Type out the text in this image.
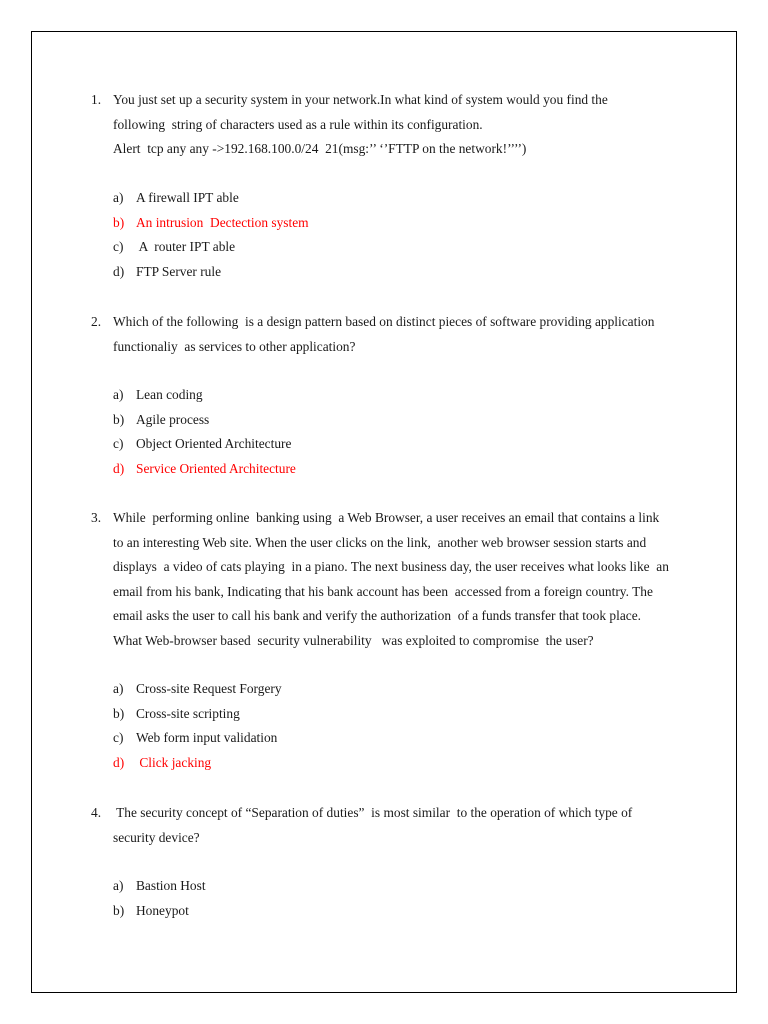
1. You just set up a security system in your network.In what kind of system would you find the
following  string of characters used as a rule within its configuration.
Alert  tcp any any ->192.168.100.0/24  21(msg:’’ ‘’FTTP on the network!’’’’)
a) A firewall IPT able
b) An intrusion  Dectection system
c) A  router IPT able
d) FTP Server rule
2. Which of the following  is a design pattern based on distinct pieces of software providing application
functionaliy  as services to other application?
a) Lean coding
b) Agile process
c) Object Oriented Architecture
d) Service Oriented Architecture
3. While  performing online  banking using  a Web Browser, a user receives an email that contains a link
to an interesting Web site. When the user clicks on the link,  another web browser session starts and
displays  a video of cats playing  in a piano. The next business day, the user receives what looks like  an
email from his bank, Indicating that his bank account has been  accessed from a foreign country. The
email asks the user to call his bank and verify the authorization  of a funds transfer that took place.
What Web-browser based  security vulnerability   was exploited to compromise  the user?
a) Cross-site Request Forgery
b) Cross-site scripting
c) Web form input validation
d) Click jacking
4. The security concept of “Separation of duties”  is most similar  to the operation of which type of
security device?
a) Bastion Host
b) Honeypot
